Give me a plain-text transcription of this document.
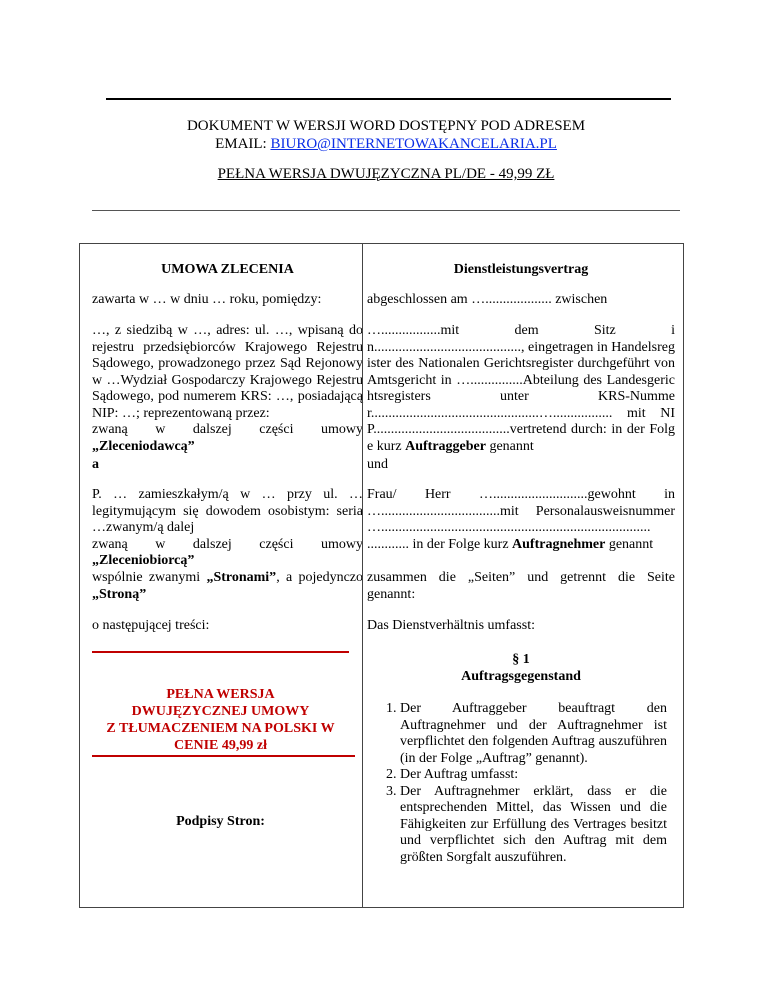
DOKUMENT W WERSJI WORD DOSTĘPNY POD ADRESEM
EMAIL: BIURO@INTERNETOWAKANCELARIA.PL
PEŁNA WERSJA DWUJĘZYCZNA PL/DE - 49,99 ZŁ

UMOWA ZLECENIA

zawarta w … w dniu … roku, pomiędzy:

…, z siedzibą w …, adres: ul. …, wpisaną do rejestru przedsiębiorców Krajowego Rejestru Sądowego, prowadzonego przez Sąd Rejonowy w …Wydział Gospodarczy Krajowego Rejestru Sądowego, pod numerem KRS: …, posiadającą NIP: …; reprezentowaną przez:
zwaną w dalszej części umowy
„Zleceniodawcą”

a

P. … zamieszkałym/ą w … przy ul. … legitymującym się dowodem osobistym: seria …zwanym/ą dalej
zwaną w dalszej części umowy
„Zleceniobiorcą”

wspólnie zwanymi „Stronami”, a pojedynczo „Stroną”

o następującej treści:

PEŁNA WERSJA
DWUJĘZYCZNEJ UMOWY
Z TŁUMACZENIEM NA POLSKI W
CENIE 49,99 zł

Podpisy Stron:

Dienstleistungsvertrag

abgeschlossen am …................... zwischen

….................mit dem Sitz in.........................................., eingetragen in Handelsregister des Nationalen Gerichtsregister durchgeführt von Amtsgericht in …...............Abteilung des Landesgerichtsregisters unter KRS-Nummer................................................…................. mit NIP.......................................vertretend durch: in der Folge kurz Auftraggeber genannt

und

Frau/ Herr …...........................gewohnt in …..................................mit Personalausweisnummer …............................................................................. ............ in der Folge kurz Auftragnehmer genannt

zusammen die „Seiten” und getrennt die Seite genannt:

Das Dienstverhältnis umfasst:

§ 1

Auftragsgegenstand

1. Der Auftraggeber beauftragt den Auftragnehmer und der Auftragnehmer ist verpflichtet den folgenden Auftrag auszuführen (in der Folge „Auftrag” genannt).
2. Der Auftrag umfasst:
3. Der Auftragnehmer erklärt, dass er die entsprechenden Mittel, das Wissen und die Fähigkeiten zur Erfüllung des Vertrages besitzt und verpflichtet sich den Auftrag mit dem größten Sorgfalt auszuführen.
